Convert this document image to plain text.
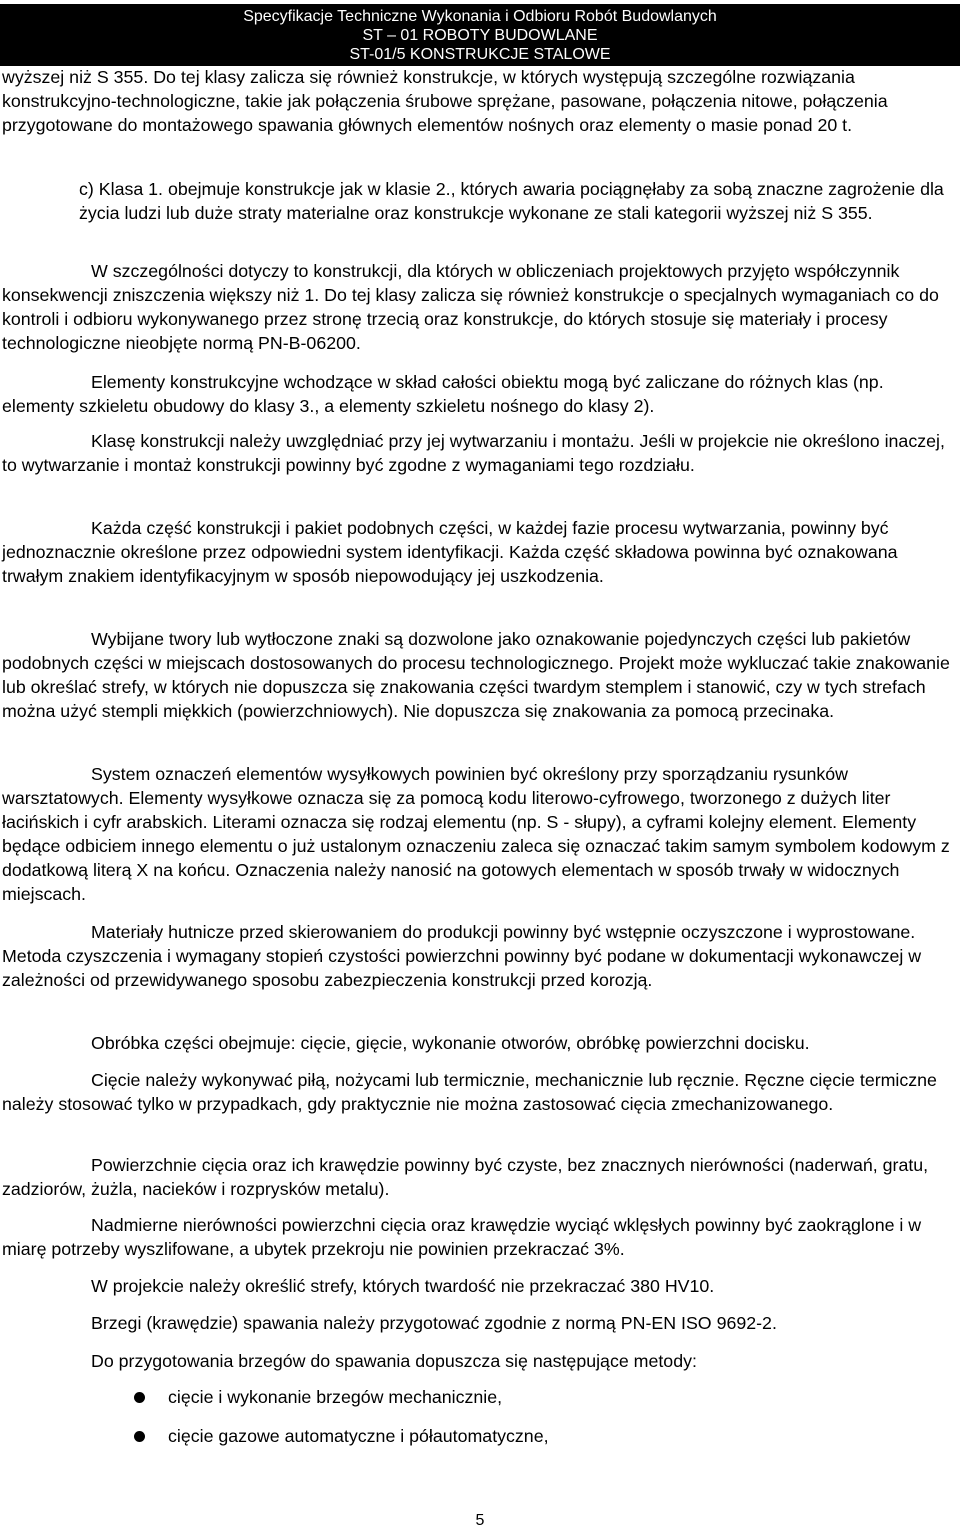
Specyfikacje Techniczne Wykonania i Odbioru Robót Budowlanych
ST – 01 ROBOTY BUDOWLANE
ST-01/5 KONSTRUKCJE STALOWE

wyższej niż S 355. Do tej klasy zalicza się również konstrukcje, w których występują szczególne rozwiązania konstrukcyjno-technologiczne, takie jak połączenia śrubowe sprężane, pasowane, połączenia nitowe, połączenia przygotowane do montażowego spawania głównych elementów nośnych oraz elementy o masie ponad 20 t.

c) Klasa 1. obejmuje konstrukcje jak w klasie 2., których awaria pociągnęłaby za sobą znaczne zagrożenie dla życia ludzi lub duże straty materialne oraz konstrukcje wykonane ze stali kategorii wyższej niż S 355.

W szczególności dotyczy to konstrukcji, dla których w obliczeniach projektowych przyjęto współczynnik konsekwencji zniszczenia większy niż 1. Do tej klasy zalicza się również konstrukcje o specjalnych wymaganiach co do kontroli i odbioru wykonywanego przez stronę trzecią oraz konstrukcje, do których stosuje się materiały i procesy technologiczne nieobjęte normą PN-B-06200.

Elementy konstrukcyjne wchodzące w skład całości obiektu mogą być zaliczane do różnych klas (np. elementy szkieletu obudowy do klasy 3., a elementy szkieletu nośnego do klasy 2).

Klasę konstrukcji należy uwzględniać przy jej wytwarzaniu i montażu. Jeśli w projekcie nie określono inaczej, to wytwarzanie i montaż konstrukcji powinny być zgodne z wymaganiami tego rozdziału.

Każda część konstrukcji i pakiet podobnych części, w każdej fazie procesu wytwarzania, powinny być jednoznacznie określone przez odpowiedni system identyfikacji. Każda część składowa powinna być oznakowana trwałym znakiem identyfikacyjnym w sposób niepowodujący jej uszkodzenia.

Wybijane twory lub wytłoczone znaki są dozwolone jako oznakowanie pojedynczych części lub pakietów podobnych części w miejscach dostosowanych do procesu technologicznego. Projekt może wykluczać takie znakowanie lub określać strefy, w których nie dopuszcza się znakowania części twardym stemplem i stanowić, czy w tych strefach można użyć stempli miękkich (powierzchniowych). Nie dopuszcza się znakowania za pomocą przecinaka.

System oznaczeń elementów wysyłkowych powinien być określony przy sporządzaniu rysunków warsztatowych. Elementy wysyłkowe oznacza się za pomocą kodu literowo-cyfrowego, tworzonego z dużych liter łacińskich i cyfr arabskich. Literami oznacza się rodzaj elementu (np. S - słupy), a cyframi kolejny element. Elementy będące odbiciem innego elementu o już ustalonym oznaczeniu zaleca się oznaczać takim samym symbolem kodowym z dodatkową literą X na końcu. Oznaczenia należy nanosić na gotowych elementach w sposób trwały w widocznych miejscach.

Materiały hutnicze przed skierowaniem do produkcji powinny być wstępnie oczyszczone i wyprostowane. Metoda czyszczenia i wymagany stopień czystości powierzchni powinny być podane w dokumentacji wykonawczej w zależności od przewidywanego sposobu zabezpieczenia konstrukcji przed korozją.

Obróbka części obejmuje: cięcie, gięcie, wykonanie otworów, obróbkę powierzchni docisku.

Cięcie należy wykonywać piłą, nożycami lub termicznie, mechanicznie lub ręcznie. Ręczne cięcie termiczne należy stosować tylko w przypadkach, gdy praktycznie nie można zastosować cięcia zmechanizowanego.

Powierzchnie cięcia oraz ich krawędzie powinny być czyste, bez znacznych nierówności (naderwań, gratu, zadziorów, żużla, nacieków i rozprysków metalu).

Nadmierne nierówności powierzchni cięcia oraz krawędzie wyciąć wklęsłych powinny być zaokrąglone i w miarę potrzeby wyszlifowane, a ubytek przekroju nie powinien przekraczać 3%.

W projekcie należy określić strefy, których twardość nie przekraczać 380 HV10.

Brzegi (krawędzie) spawania należy przygotować zgodnie z normą PN-EN ISO 9692-2.

Do przygotowania brzegów do spawania dopuszcza się następujące metody:

cięcie i wykonanie brzegów mechanicznie,
cięcie gazowe automatyczne i półautomatyczne,
5
